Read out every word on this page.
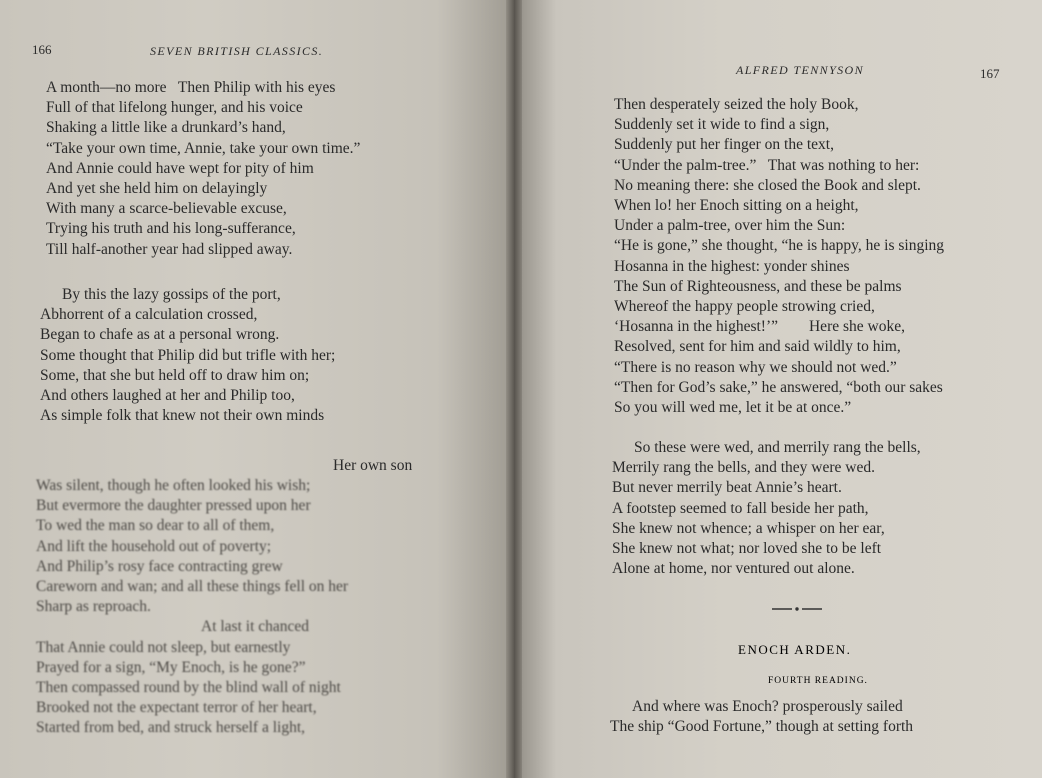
166	SEVEN BRITISH CLASSICS.
A month—no more   Then Philip with his eyes
Full of that lifelong hunger, and his voice
Shaking a little like a drunkard’s hand,
“Take your own time, Annie, take your own time.”
And Annie could have wept for pity of him
And yet she held him on delayingly
With many a scarce-believable excuse,
Trying his truth and his long-sufferance,
Till half-another year had slipped away.
By this the lazy gossips of the port,
Abhorrent of a calculation crossed,
Began to chafe as at a personal wrong.
Some thought that Philip did but trifle with her;
Some, that she but held off to draw him on;
And others laughed at her and Philip too,
As simple folk that knew not their own minds
Her own son
Was silent, though he often looked his wish;
But evermore the daughter pressed upon her
To wed the man so dear to all of them,
And lift the household out of poverty;
And Philip’s rosy face contracting grew
Careworn and wan; and all these things fell on her
Sharp as reproach.
At last it chanced
That Annie could not sleep, but earnestly
Prayed for a sign, “My Enoch, is he gone?”
Then compassed round by the blind wall of night
Brooked not the expectant terror of her heart,
Started from bed, and struck herself a light,
ALFRED TENNYSON	167
Then desperately seized the holy Book,
Suddenly set it wide to find a sign,
Suddenly put her finger on the text,
“Under the palm-tree.”   That was nothing to her:
No meaning there: she closed the Book and slept.
When lo! her Enoch sitting on a height,
Under a palm-tree, over him the Sun:
“He is gone,” she thought, “he is happy, he is singing
Hosanna in the highest: yonder shines
The Sun of Righteousness, and these be palms
Whereof the happy people strowing cried,
‘Hosanna in the highest!’”        Here she woke,
Resolved, sent for him and said wildly to him,
“There is no reason why we should not wed.”
“Then for God’s sake,” he answered, “both our sakes
So you will wed me, let it be at once.”
So these were wed, and merrily rang the bells,
Merrily rang the bells, and they were wed.
But never merrily beat Annie’s heart.
A footstep seemed to fall beside her path,
She knew not whence; a whisper on her ear,
She knew not what; nor loved she to be left
Alone at home, nor ventured out alone.
And where was Enoch? prosperously sailed
The ship “Good Fortune,” though at setting forth
ENOCH ARDEN.
FOURTH READING.
